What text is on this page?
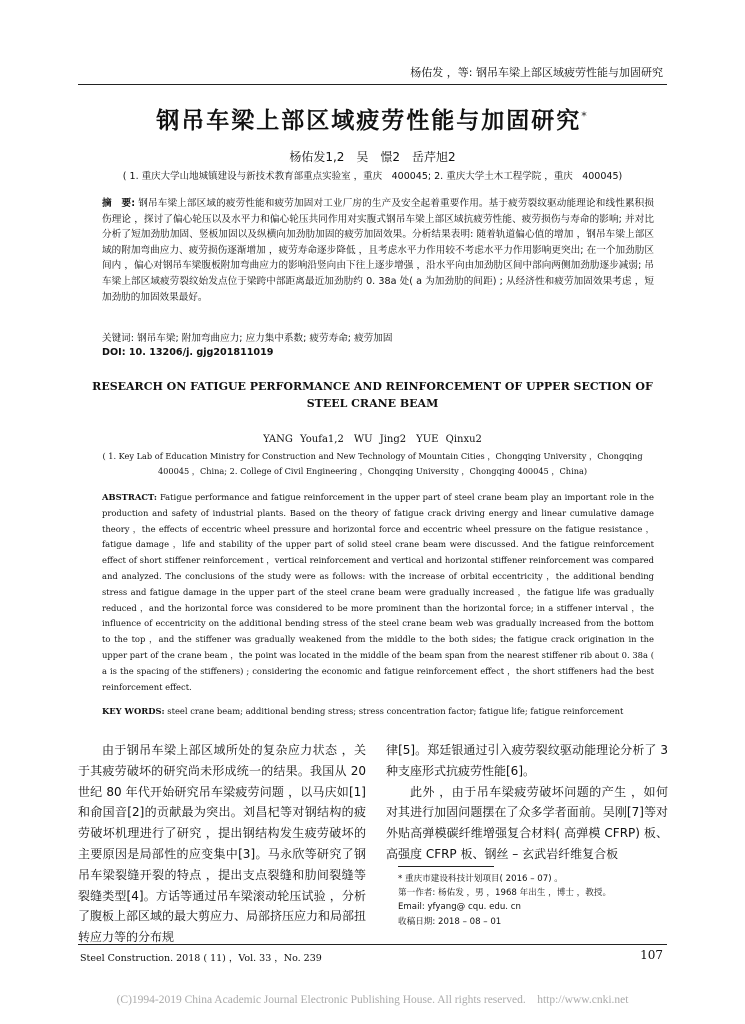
杨佑发 ，等: 钢吊车梁上部区域疲劳性能与加固研究
钢吊车梁上部区域疲劳性能与加固研究*
杨佑发1,2　吴　憬2　岳芹旭2
( 1. 重庆大学山地城镇建设与新技术教育部重点实验室 ，重庆　400045; 2. 重庆大学土木工程学院 ，重庆　400045)
摘　要: 钢吊车梁上部区域的疲劳性能和疲劳加固对工业厂房的生产及安全起着重要作用。基于疲劳裂纹驱动能理论和线性累积损伤理论 ，探讨了偏心轮压以及水平力和偏心轮压共同作用对实腹式钢吊车梁上部区域抗疲劳性能、疲劳损伤与寿命的影响; 并对比分析了短加劲肋加固、竖板加固以及纵横向加劲肋加固的疲劳加固效果。分析结果表明: 随着轨道偏心值的增加 ，钢吊车梁上部区域的附加弯曲应力、疲劳损伤逐渐增加 ，疲劳寿命逐步降低 ，且考虑水平力作用较不考虑水平力作用影响更突出; 在一个加劲肋区间内 ，偏心对钢吊车梁腹板附加弯曲应力的影响沿竖向由下往上逐步增强 ，沿水平向由加劲肋区间中部向两侧加劲肋逐步减弱; 吊车梁上部区域疲劳裂纹始发点位于梁跨中部距离最近加劲肋约 0. 38a 处( a 为加劲肋的间距) ; 从经济性和疲劳加固效果考虑 ，短加劲肋的加固效果最好。
关键词: 钢吊车梁; 附加弯曲应力; 应力集中系数; 疲劳寿命; 疲劳加固
DOI: 10. 13206/j. gjg201811019
RESEARCH ON FATIGUE PERFORMANCE AND REINFORCEMENT OF UPPER SECTION OF STEEL CRANE BEAM
YANG Youfa1,2　WU Jing2　YUE Qinxu2
( 1. Key Lab of Education Ministry for Construction and New Technology of Mountain Cities ，Chongqing University ，Chongqing 400045 ，China; 2. College of Civil Engineering ，Chongqing University ，Chongqing 400045 ，China)
ABSTRACT: Fatigue performance and fatigue reinforcement in the upper part of steel crane beam play an important role in the production and safety of industrial plants. Based on the theory of fatigue crack driving energy and linear cumulative damage theory ，the effects of eccentric wheel pressure and horizontal force and eccentric wheel pressure on the fatigue resistance ，fatigue damage ，life and stability of the upper part of solid steel crane beam were discussed. And the fatigue reinforcement effect of short stiffener reinforcement ，vertical reinforcement and vertical and horizontal stiffener reinforcement was compared and analyzed. The conclusions of the study were as follows: with the increase of orbital eccentricity ，the additional bending stress and fatigue damage in the upper part of the steel crane beam were gradually increased ，the fatigue life was gradually reduced ，and the horizontal force was considered to be more prominent than the horizontal force; in a stiffener interval ，the influence of eccentricity on the additional bending stress of the steel crane beam web was gradually increased from the bottom to the top ，and the stiffener was gradually weakened from the middle to the both sides; the fatigue crack origination in the upper part of the crane beam ，the point was located in the middle of the beam span from the nearest stiffener rib about 0. 38a ( a is the spacing of the stiffeners) ; considering the economic and fatigue reinforcement effect ，the short stiffeners had the best reinforcement effect.
KEY WORDS: steel crane beam; additional bending stress; stress concentration factor; fatigue life; fatigue reinforcement

由于钢吊车梁上部区域所处的复杂应力状态 ，关于其疲劳破坏的研究尚未形成统一的结果。我国从 20 世纪 80 年代开始研究吊车梁疲劳问题 ，以马庆如[1]和俞国音[2]的贡献最为突出。刘昌杞等对钢结构的疲劳破坏机理进行了研究 ，提出钢结构发生疲劳破坏的主要原因是局部性的应变集中[3]。马永欣等研究了钢吊车梁裂缝开裂的特点 ，提出支点裂缝和肋间裂缝等裂缝类型[4]。方话等通过吊车梁滚动轮压试验 ，分析了腹板上部区域的最大剪应力、局部挤压应力和局部扭转应力等的分布规

律[5]。郑廷银通过引入疲劳裂纹驱动能理论分析了 3 种支座形式抗疲劳性能[6]。

此外 ，由于吊车梁疲劳破坏问题的产生 ，如何对其进行加固问题摆在了众多学者面前。吴刚[7]等对外贴高弹模碳纤维增强复合材料( 高弹模 CFRP) 板、高强度 CFRP 板、钢丝 – 玄武岩纤维复合板

* 重庆市建设科技计划项目( 2016 – 07) 。
第一作者: 杨佑发 ，男 ，1968 年出生 ，博士 ，教授。
Email: yfyang@ cqu. edu. cn
收稿日期: 2018 – 08 – 01
Steel Construction. 2018 ( 11) ，Vol. 33 ，No. 239	107
(C)1994-2019 China Academic Journal Electronic Publishing House. All rights reserved.　http://www.cnki.net
